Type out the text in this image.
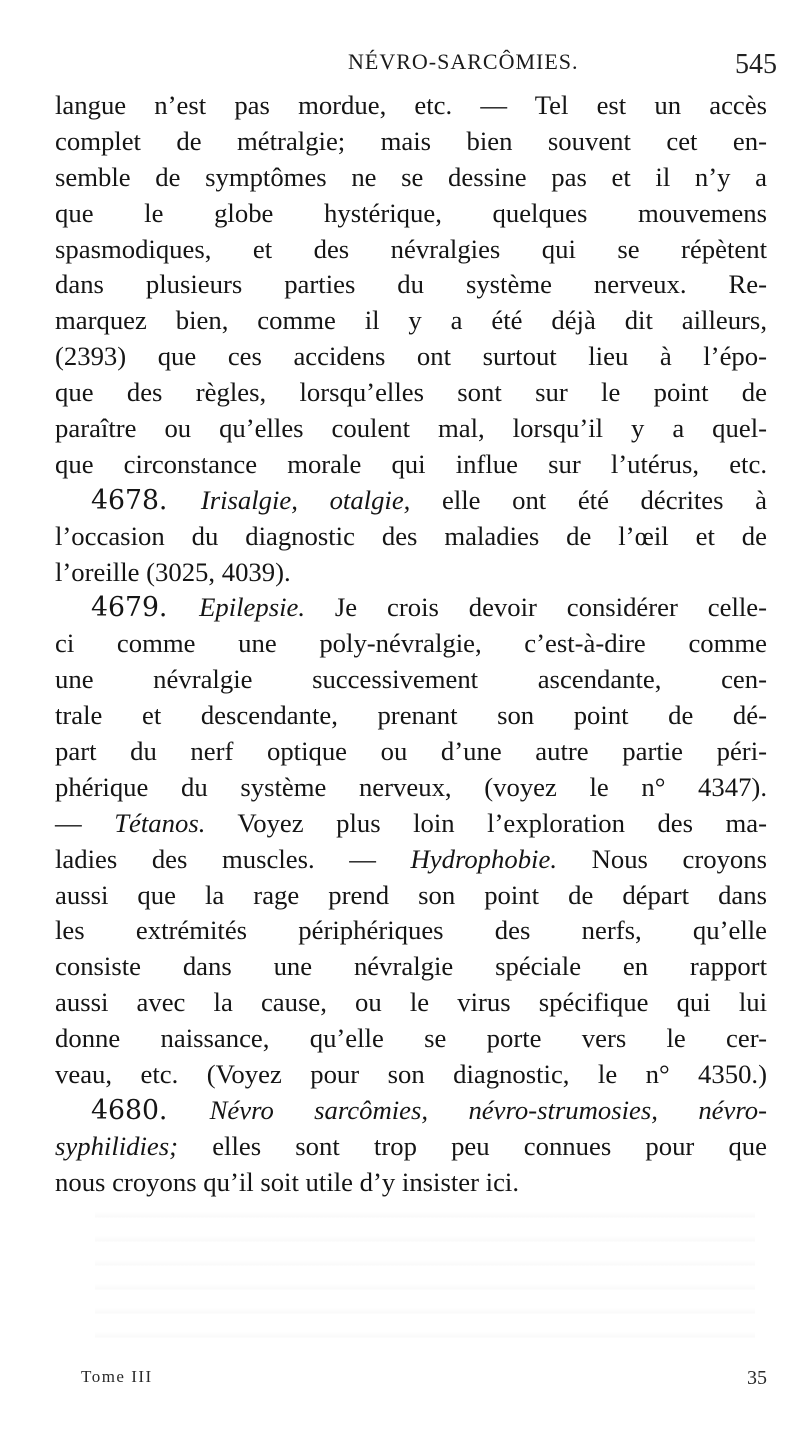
NÉVRO-SARCÔMIES.	545
langue n’est pas mordue, etc. — Tel est un accès
complet de métralgie; mais bien souvent cet en-
semble de symptômes ne se dessine pas et il n’y a
que le globe hystérique, quelques mouvemens
spasmodiques, et des névralgies qui se répètent
dans plusieurs parties du système nerveux. Re-
marquez bien, comme il y a été déjà dit ailleurs,
(2393) que ces accidens ont surtout lieu à l’épo-
que des règles, lorsqu’elles sont sur le point de
paraître ou qu’elles coulent mal, lorsqu’il y a quel-
que circonstance morale qui influe sur l’utérus, etc.
4678. Irisalgie, otalgie, elle ont été décrites à
l’occasion du diagnostic des maladies de l’œil et de
l’oreille (3025, 4039).
4679. Epilepsie. Je crois devoir considérer celle-
ci comme une poly-névralgie, c’est-à-dire comme
une névralgie successivement ascendante, cen-
trale et descendante, prenant son point de dé-
part du nerf optique ou d’une autre partie péri-
phérique du système nerveux, (voyez le n° 4347).
— Tétanos. Voyez plus loin l’exploration des ma-
ladies des muscles. — Hydrophobie. Nous croyons
aussi que la rage prend son point de départ dans
les extrémités périphériques des nerfs, qu’elle
consiste dans une névralgie spéciale en rapport
aussi avec la cause, ou le virus spécifique qui lui
donne naissance, qu’elle se porte vers le cer-
veau, etc. (Voyez pour son diagnostic, le n° 4350.)
4680. Névro sarcômies, névro-strumosies, névro-
syphilidies; elles sont trop peu connues pour que
nous croyons qu’il soit utile d’y insister ici.
Tome III	35
